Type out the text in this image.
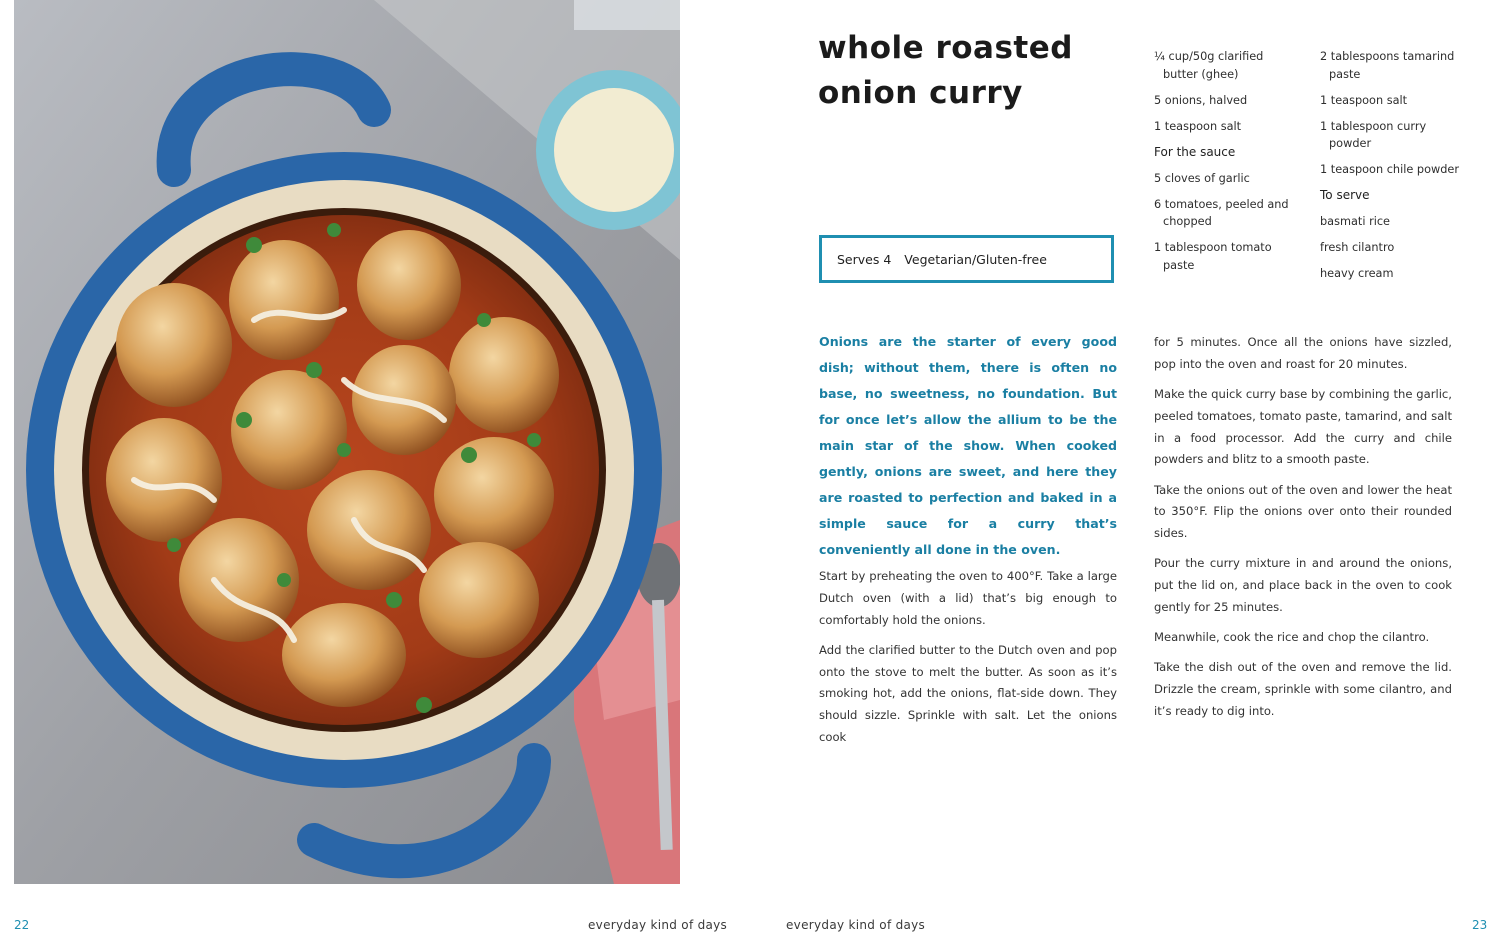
whole roasted onion curry
Serves 4 Vegetarian/Gluten-free
¼ cup/50g clarified butter (ghee)
5 onions, halved
1 teaspoon salt
For the sauce
5 cloves of garlic
6 tomatoes, peeled and chopped
1 tablespoon tomato paste
2 tablespoons tamarind paste
1 teaspoon salt
1 tablespoon curry powder
1 teaspoon chile powder
To serve
basmati rice
fresh cilantro
heavy cream

Onions are the starter of every good dish; without them, there is often no base, no sweetness, no foundation. But for once let’s allow the allium to be the main star of the show. When cooked gently, onions are sweet, and here they are roasted to perfection and baked in a simple sauce for a curry that’s conveniently all done in the oven.

Start by preheating the oven to 400°F. Take a large Dutch oven (with a lid) that’s big enough to comfortably hold the onions.

Add the clarified butter to the Dutch oven and pop onto the stove to melt the butter. As soon as it’s smoking hot, add the onions, flat-side down. They should sizzle. Sprinkle with salt. Let the onions cook

for 5 minutes. Once all the onions have sizzled, pop into the oven and roast for 20 minutes.

Make the quick curry base by combining the garlic, peeled tomatoes, tomato paste, tamarind, and salt in a food processor. Add the curry and chile powders and blitz to a smooth paste.

Take the onions out of the oven and lower the heat to 350°F. Flip the onions over onto their rounded sides.

Pour the curry mixture in and around the onions, put the lid on, and place back in the oven to cook gently for 25 minutes.

Meanwhile, cook the rice and chop the cilantro.

Take the dish out of the oven and remove the lid. Drizzle the cream, sprinkle with some cilantro, and it’s ready to dig into.

22	everyday kind of days	everyday kind of days	23
